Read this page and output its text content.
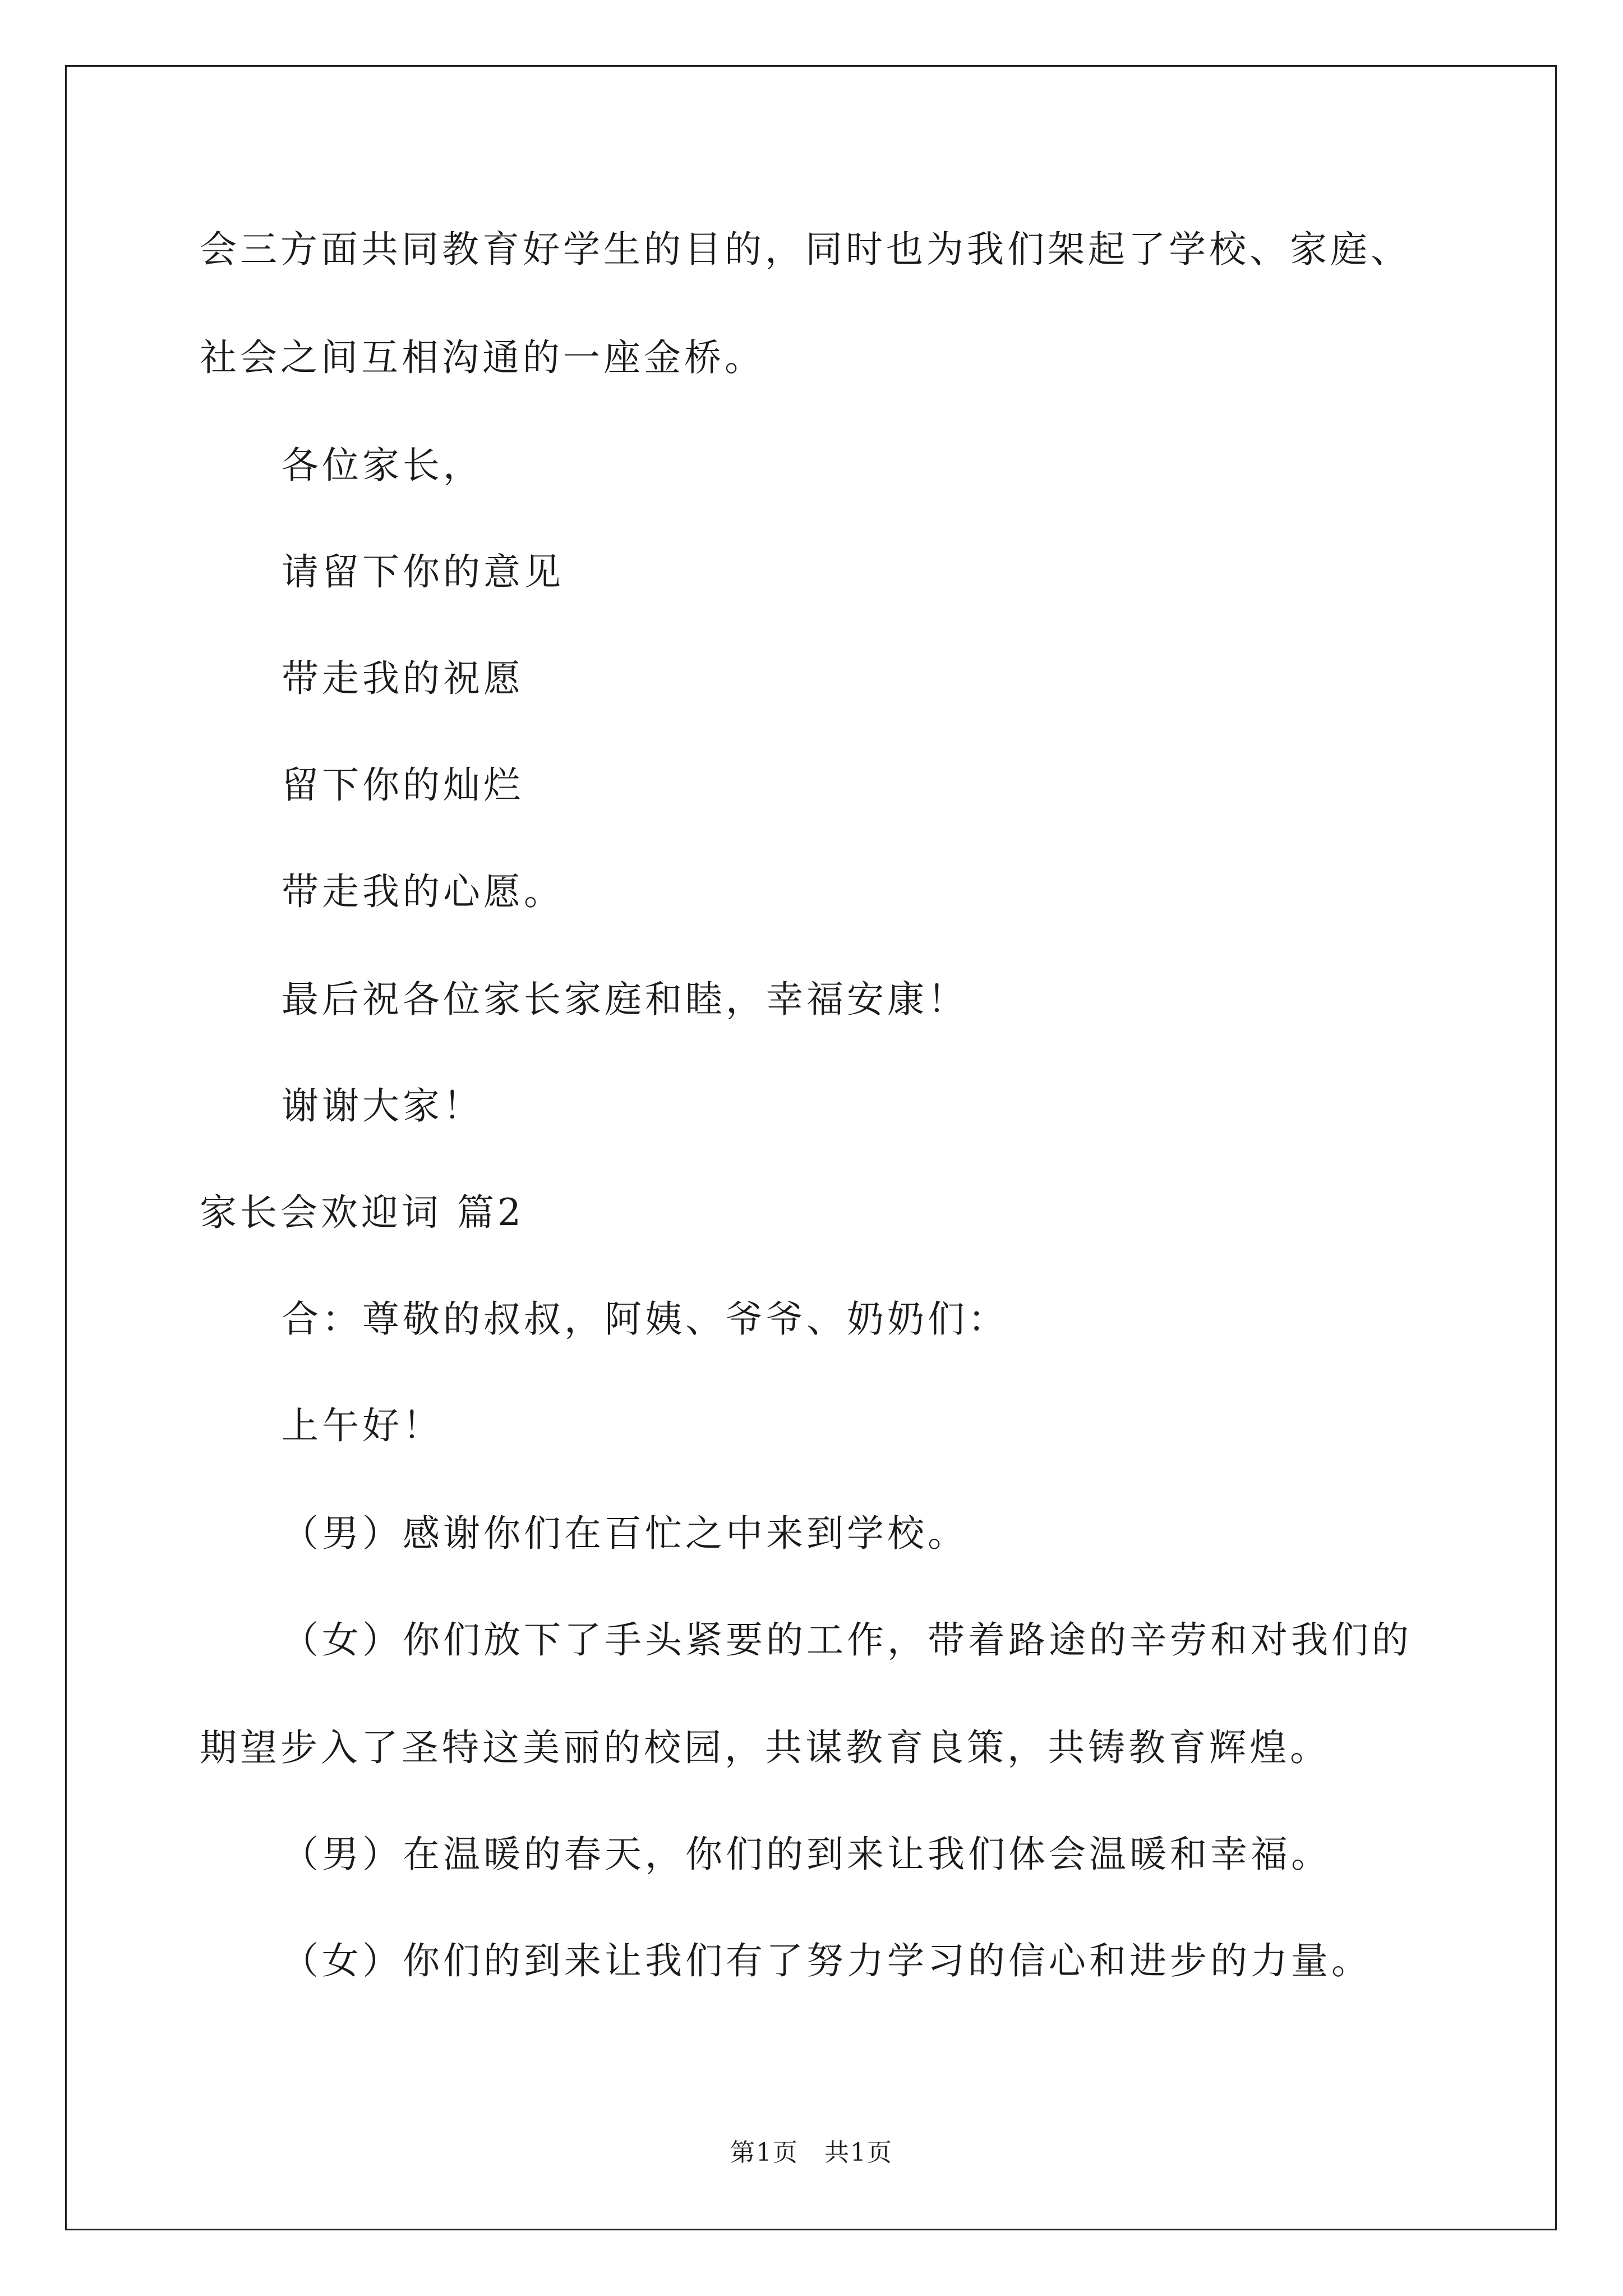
会三方面共同教育好学生的目的，同时也为我们架起了学校、家庭、
社会之间互相沟通的一座金桥。
各位家长，
请留下你的意见
带走我的祝愿
留下你的灿烂
带走我的心愿。
最后祝各位家长家庭和睦，幸福安康！
谢谢大家！
家长会欢迎词 篇2
合：尊敬的叔叔，阿姨、爷爷、奶奶们：
上午好！
（男）感谢你们在百忙之中来到学校。
（女）你们放下了手头紧要的工作，带着路途的辛劳和对我们的
期望步入了圣特这美丽的校园，共谋教育良策，共铸教育辉煌。
（男）在温暖的春天，你们的到来让我们体会温暖和幸福。
（女）你们的到来让我们有了努力学习的信心和进步的力量。
第1页　共1页
